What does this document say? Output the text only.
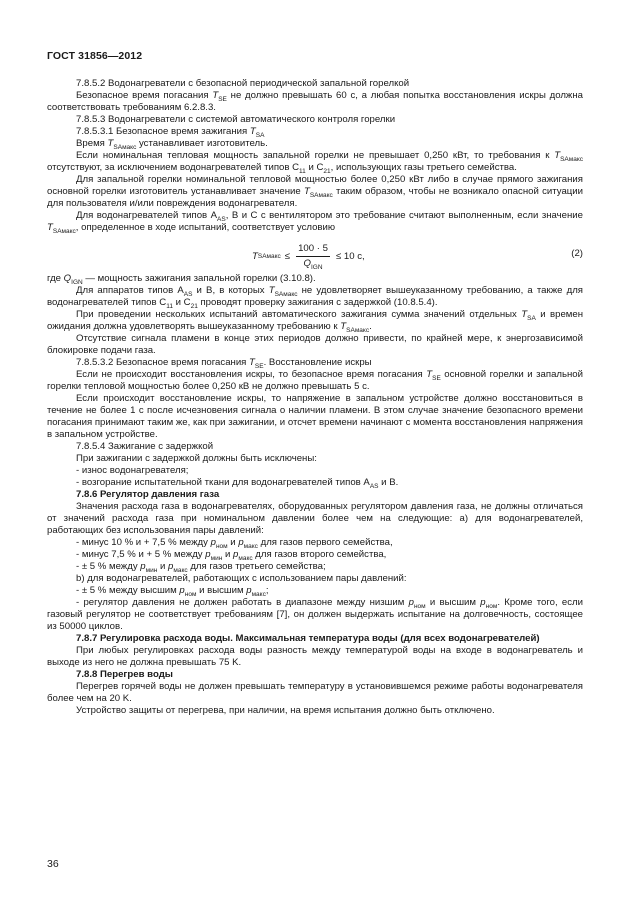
ГОСТ 31856—2012

7.8.5.2 Водонагреватели с безопасной периодической запальной горелкой

Безопасное время погасания $T_{SE}$ не должно превышать 60 с, а любая попытка восстановления искры должна соответствовать требованиям 6.2.8.3.

7.8.5.3 Водонагреватели с системой автоматического контроля горелки

7.8.5.3.1 Безопасное время зажигания $T_{SA}$

Время $T_{SAмакс}$ устанавливает изготовитель.

Если номинальная тепловая мощность запальной горелки не превышает 0,250 кВт, то требования к $T_{SAмакс}$ отсутствуют, за исключением водонагревателей типов $C_{11}$ и $C_{21}$, использующих газы третьего семейства.

Для запальной горелки номинальной тепловой мощностью более 0,250 кВт либо в случае прямого зажигания основной горелки изготовитель устанавливает значение $T_{SAмакс}$ таким образом, чтобы не возникало опасной ситуации для пользователя и/или повреждения водонагревателя.

Для водонагревателей типов $A_{AS}$, B и C с вентилятором это требование считают выполненным, если значение $T_{SAмакс}$, определенное в ходе испытаний, соответствует условию

T SAмакс ≤ $\frac{100 \cdot 5}{Q_{IGN}} \le 10$ с,	(2)

где $Q_{IGN}$ — мощность зажигания запальной горелки (3.10.8).

Для аппаратов типов $A_{AS}$ и B, в которых $T_{SAмакс}$ не удовлетворяет вышеуказанному требованию, а также для водонагревателей типов $C_{11}$ и $C_{21}$ проводят проверку зажигания с задержкой (10.8.5.4).

При проведении нескольких испытаний автоматического зажигания сумма значений отдельных $T_{SA}$ и времен ожидания должна удовлетворять вышеуказанному требованию к $T_{SAмакс}$.

Отсутствие сигнала пламени в конце этих периодов должно привести, по крайней мере, к энергозависимой блокировке подачи газа.

7.8.5.3.2 Безопасное время погасания $T_{SE}$. Восстановление искры

Если не происходит восстановления искры, то безопасное время погасания $T_{SE}$ основной горелки и запальной горелки тепловой мощностью более 0,250 кВ не должно превышать 5 с.

Если происходит восстановление искры, то напряжение в запальном устройстве должно восстановиться в течение не более 1 с после исчезновения сигнала о наличии пламени. В этом случае значение безопасного времени погасания принимают таким же, как при зажигании, и отсчет времени начинают с момента восстановления напряжения в запальном устройстве.

7.8.5.4 Зажигание с задержкой

При зажигании с задержкой должны быть исключены:

- износ водонагревателя;

- возгорание испытательной ткани для водонагревателей типов $A_{AS}$ и B.

7.8.6 Регулятор давления газа

Значения расхода газа в водонагревателях, оборудованных регулятором давления газа, не должны отличаться от значений расхода газа при номинальном давлении более чем на следующие: a) для водонагревателей, работающих без использования пары давлений:

- минус 10 % и + 7,5 % между $p_{ном}$ и $p_{макс}$ для газов первого семейства,

- минус 7,5 % и + 5 % между $p_{мин}$ и $p_{макс}$ для газов второго семейства,

- ± 5 % между $p_{мин}$ и $p_{макс}$ для газов третьего семейства;

b) для водонагревателей, работающих с использованием пары давлений:

- ± 5 % между высшим $p_{ном}$ и высшим $p_{макс}$;

- регулятор давления не должен работать в диапазоне между низшим $p_{ном}$ и высшим $p_{ном}$. Кроме того, если газовый регулятор не соответствует требованиям [7], он должен выдержать испытание на долговечность, состоящее из 50000 циклов.

7.8.7 Регулировка расхода воды. Максимальная температура воды (для всех водонагревателей)

При любых регулировках расхода воды разность между температурой воды на входе в водонагреватель и выходе из него не должна превышать 75 K.

7.8.8 Перегрев воды

Перегрев горячей воды не должен превышать температуру в установившемся режиме работы водонагревателя более чем на 20 K.

Устройство защиты от перегрева, при наличии, на время испытания должно быть отключено.

36
